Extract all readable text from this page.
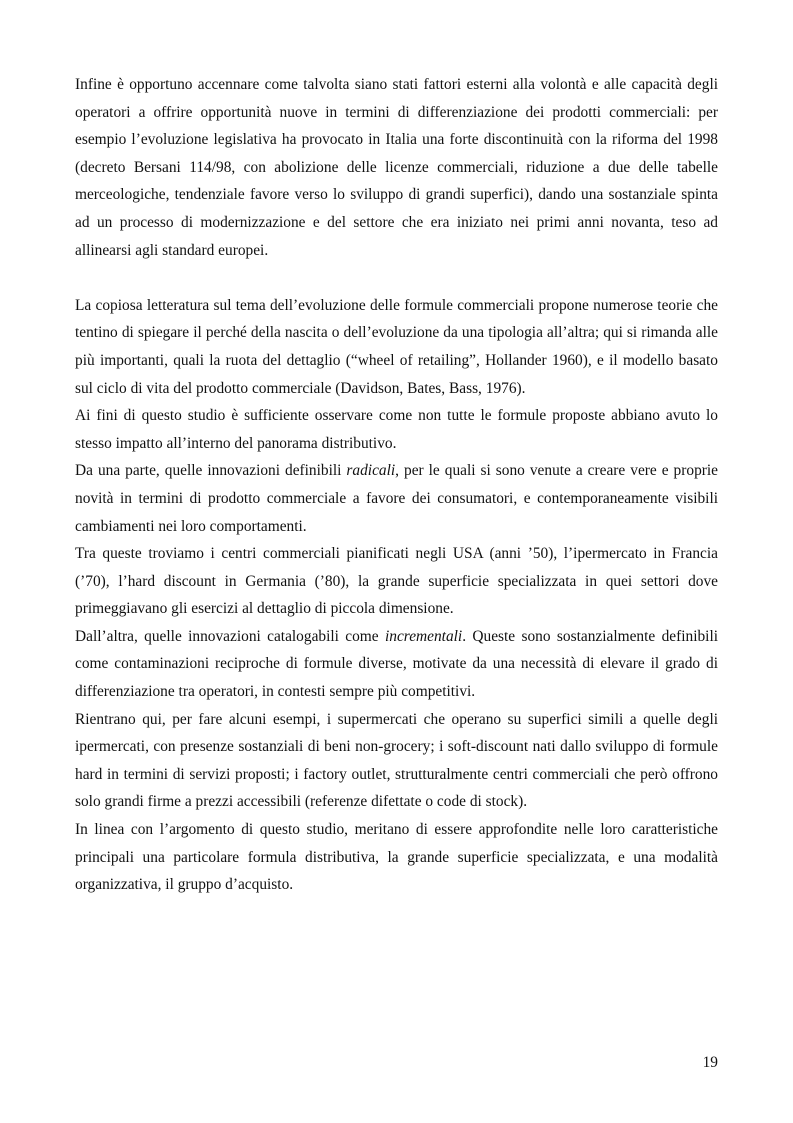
Infine è opportuno accennare come talvolta siano stati fattori esterni alla volontà e alle capacità degli operatori a offrire opportunità nuove in termini di differenziazione dei prodotti commerciali: per esempio l’evoluzione legislativa ha provocato in Italia una forte discontinuità con la riforma del 1998 (decreto Bersani 114/98, con abolizione delle licenze commerciali, riduzione a due delle tabelle merceologiche, tendenziale favore verso lo sviluppo di grandi superfici), dando una sostanziale spinta ad un processo di modernizzazione e del settore che era iniziato nei primi anni novanta, teso ad allinearsi agli standard europei.

La copiosa letteratura sul tema dell’evoluzione delle formule commerciali propone numerose teorie che tentino di spiegare il perché della nascita o dell’evoluzione da una tipologia all’altra; qui si rimanda alle più importanti, quali la ruota del dettaglio (“wheel of retailing”, Hollander 1960), e il modello basato sul ciclo di vita del prodotto commerciale (Davidson, Bates, Bass, 1976).

Ai fini di questo studio è sufficiente osservare come non tutte le formule proposte abbiano avuto lo stesso impatto all’interno del panorama distributivo.

Da una parte, quelle innovazioni definibili radicali, per le quali si sono venute a creare vere e proprie novità in termini di prodotto commerciale a favore dei consumatori, e contemporaneamente visibili cambiamenti nei loro comportamenti.

Tra queste troviamo i centri commerciali pianificati negli USA (anni ’50), l’ipermercato in Francia (’70), l’hard discount in Germania (’80), la grande superficie specializzata in quei settori dove primeggiavano gli esercizi al dettaglio di piccola dimensione.

Dall’altra, quelle innovazioni catalogabili come incrementali. Queste sono sostanzialmente definibili come contaminazioni reciproche di formule diverse, motivate da una necessità di elevare il grado di differenziazione tra operatori, in contesti sempre più competitivi.

Rientrano qui, per fare alcuni esempi, i supermercati che operano su superfici simili a quelle degli ipermercati, con presenze sostanziali di beni non-grocery; i soft-discount nati dallo sviluppo di formule hard in termini di servizi proposti; i factory outlet, strutturalmente centri commerciali che però offrono solo grandi firme a prezzi accessibili (referenze difettate o code di stock).

In linea con l’argomento di questo studio, meritano di essere approfondite nelle loro caratteristiche principali una particolare formula distributiva, la grande superficie specializzata, e una modalità organizzativa, il gruppo d’acquisto.

19
